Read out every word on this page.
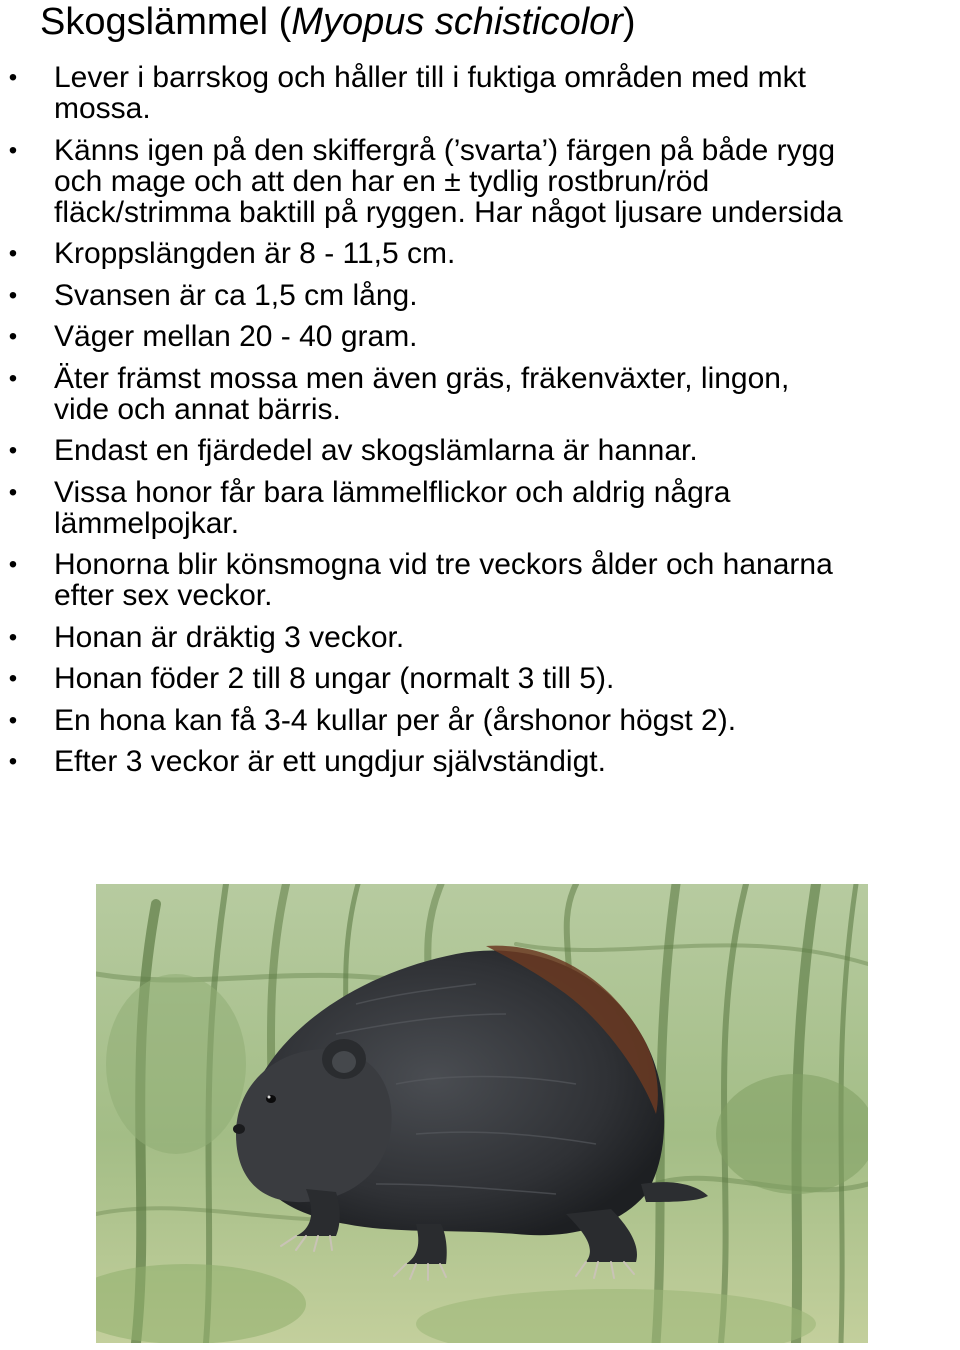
Skogslämmel (Myopus schisticolor)
• Lever i barrskog och håller till i fuktiga områden med mkt
mossa.
• Känns igen på den skiffergrå (’svarta’) färgen på både rygg
och mage och att den har en ± tydlig rostbrun/röd
fläck/strimma baktill på ryggen. Har något ljusare undersida
• Kroppslängden är 8 - 11,5 cm.
• Svansen är ca 1,5 cm lång.
• Väger mellan 20 - 40 gram.
• Äter främst mossa men även gräs, fräkenväxter, lingon,
vide och annat bärris.
• Endast en fjärdedel av skogslämlarna är hannar.
• Vissa honor får bara lämmelflickor och aldrig några
lämmelpojkar.
• Honorna blir könsmogna vid tre veckors ålder och hanarna
efter sex veckor.
• Honan är dräktig 3 veckor.
• Honan föder 2 till 8 ungar (normalt 3 till 5).
• En hona kan få 3-4 kullar per år (årshonor högst 2).
• Efter 3 veckor är ett ungdjur självständigt.
